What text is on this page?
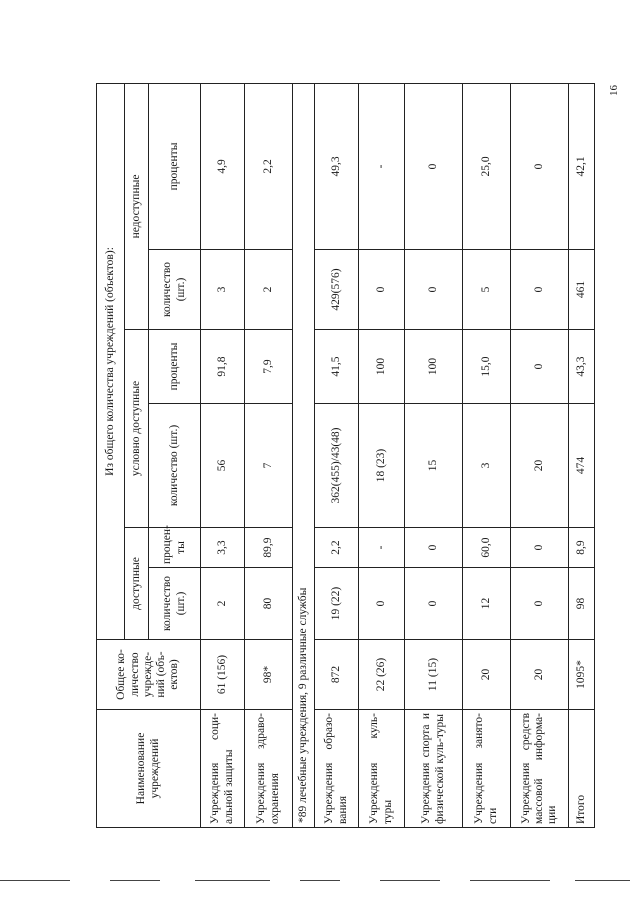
16
Наименование учреждений	Общее ко-личество учрежде-ний (объ-ектов)	Из общего количества учреждений (объектов):					
		доступные		условно доступные		недоступные	
		количество (шт.)	процен-ты	количество (шт.)	проценты	количество (шт.)	проценты
Учреждения соци-альной защиты	61 (156)	2	3,3	56	91,8	3	4,9
Учреждения здраво-охранения	98*	80	89,9	7	7,9	2	2,2
*89 лечебные учреждения, 9 различные службы							
Учреждения образо-вания	872	19 (22)	2,2	362(455)/43(48)	41,5	429(576)	49,3
Учреждения куль-туры	22 (26)	0	-	18 (23)	100	0	-
Учреждения спорта и физической куль-туры	11 (15)	0	0	15	100	0	0
Учреждения занято-сти	20	12	60,0	3	15,0	5	25,0
Учреждения средств массовой информа-ции	20	0	0	20	0	0	0
Итого	1095*	98	8,9	474	43,3	461	42,1
